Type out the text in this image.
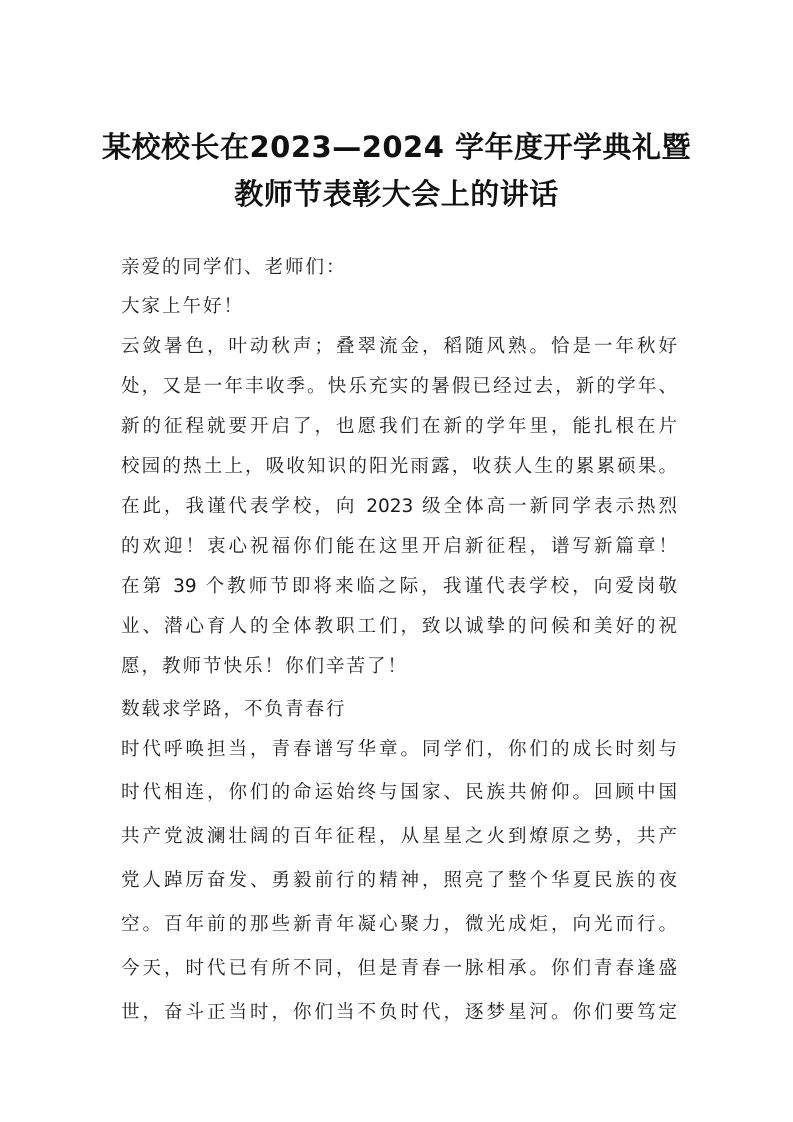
某校校长在2023—2024 学年度开学典礼暨
教师节表彰大会上的讲话
亲爱的同学们、老师们：
大家上午好！
云敛暑色，叶动秋声；叠翠流金，稻随风熟。恰是一年秋好
处，又是一年丰收季。快乐充实的暑假已经过去，新的学年、
新的征程就要开启了，也愿我们在新的学年里，能扎根在片
校园的热土上，吸收知识的阳光雨露，收获人生的累累硕果。
在此，我谨代表学校，向 2023 级全体高一新同学表示热烈
的欢迎！衷心祝福你们能在这里开启新征程，谱写新篇章！
在第 39 个教师节即将来临之际，我谨代表学校，向爱岗敬
业、潜心育人的全体教职工们，致以诚挚的问候和美好的祝
愿，教师节快乐！你们辛苦了！
数载求学路，不负青春行
时代呼唤担当，青春谱写华章。同学们，你们的成长时刻与
时代相连，你们的命运始终与国家、民族共俯仰。回顾中国
共产党波澜壮阔的百年征程，从星星之火到燎原之势，共产
党人踔厉奋发、勇毅前行的精神，照亮了整个华夏民族的夜
空。百年前的那些新青年凝心聚力，微光成炬，向光而行。
今天，时代已有所不同，但是青春一脉相承。你们青春逢盛
世，奋斗正当时，你们当不负时代，逐梦星河。你们要笃定
